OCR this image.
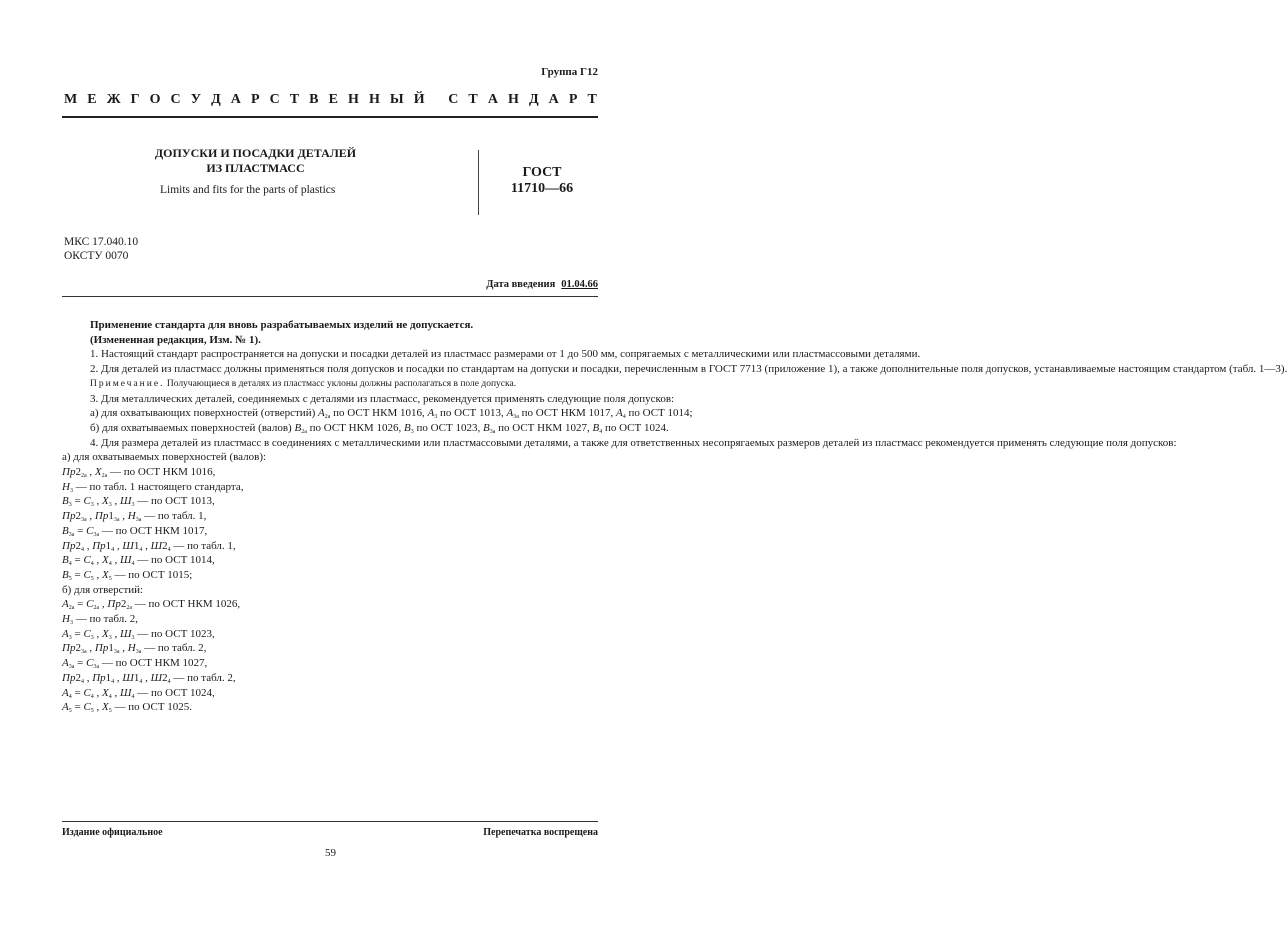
Группа Г12
М Е Ж Г О С У Д А Р С Т В Е Н Н Ы Й
С Т А Н Д А Р Т
ДОПУСКИ И ПОСАДКИ ДЕТАЛЕЙ
ИЗ ПЛАСТМАСС
Limits and fits for the parts of plastics
ГОСТ
11710—66
МКС 17.040.10
ОКСТУ 0070
Дата введения 01.04.66

Применение стандарта для вновь разрабатываемых изделий не допускается.

(Измененная редакция, Изм. № 1).

1. Настоящий стандарт распространяется на допуски и посадки деталей из пластмасс размерами от 1 до 500 мм, сопрягаемых с металлическими или пластмассовыми деталями.

2. Для деталей из пластмасс должны применяться поля допусков и посадки по стандартам на допуски и посадки, перечисленным в ГОСТ 7713 (приложение 1), а также дополнительные поля допусков, устанавливаемые настоящим стандартом (табл. 1—3).

Примечание. Получающиеся в деталях из пластмасс уклоны должны располагаться в поле допуска.

3. Для металлических деталей, соединяемых с деталями из пластмасс, рекомендуется применять следующие поля допусков:

а) для охватывающих поверхностей (отверстий) $A_{2a}$ по ОСТ НКМ 1016, $A_3$ по ОСТ 1013, $A_{3a}$ по ОСТ НКМ 1017, $A_4$ по ОСТ 1014;

б) для охватываемых поверхностей (валов) $B_{2a}$ по ОСТ НКМ 1026, $B_3$ по ОСТ 1023, $B_{3a}$ по ОСТ НКМ 1027, $B_4$ по ОСТ 1024.

4. Для размера деталей из пластмасс в соединениях с металлическими или пластмассовыми деталями, а также для ответственных несопрягаемых размеров деталей из пластмасс рекомендуется применять следующие поля допусков:

а) для охватываемых поверхностей (валов):

$Пр2_{2a}$ , $X_{2a}$ — по ОСТ НКМ 1016,

$H_3$ — по табл. 1 настоящего стандарта,

$B_3 = C_3$ , $X_3$ , $Ш_3$ — по ОСТ 1013,

$Пр2_{3a}$ , $Пр1_{3a}$ , $H_{3a}$ — по табл. 1,

$B_{3a} = C_{3a}$ — по ОСТ НКМ 1017,

$Пр2_4$ , $Пр1_4$ , $Ш1_4$ , $Ш2_4$ — по табл. 1,

$B_4 = C_4$ , $X_4$ , $Ш_4$ — по ОСТ 1014,

$B_5 = C_5$ , $X_5$ — по ОСТ 1015;

б) для отверстий:

$A_{2a} = C_{2a}$ , $Пр2_{2a}$ — по ОСТ НКМ 1026,

$H_3$ — по табл. 2,

$A_3 = C_3$ , $X_3$ , $Ш_3$ — по ОСТ 1023,

$Пр2_{3a}$ , $Пр1_{3a}$ , $H_{3a}$ — по табл. 2,

$A_{3a} = C_{3a}$ — по ОСТ НКМ 1027,

$Пр2_4$ , $Пр1_4$ , $Ш1_4$ , $Ш2_4$ — по табл. 2,

$A_4 = C_4$ , $X_4$ , $Ш_4$ — по ОСТ 1024,

$A_5 = C_5$ , $X_5$ — по ОСТ 1025.

Издание официальное	Перепечатка воспрещена
59
